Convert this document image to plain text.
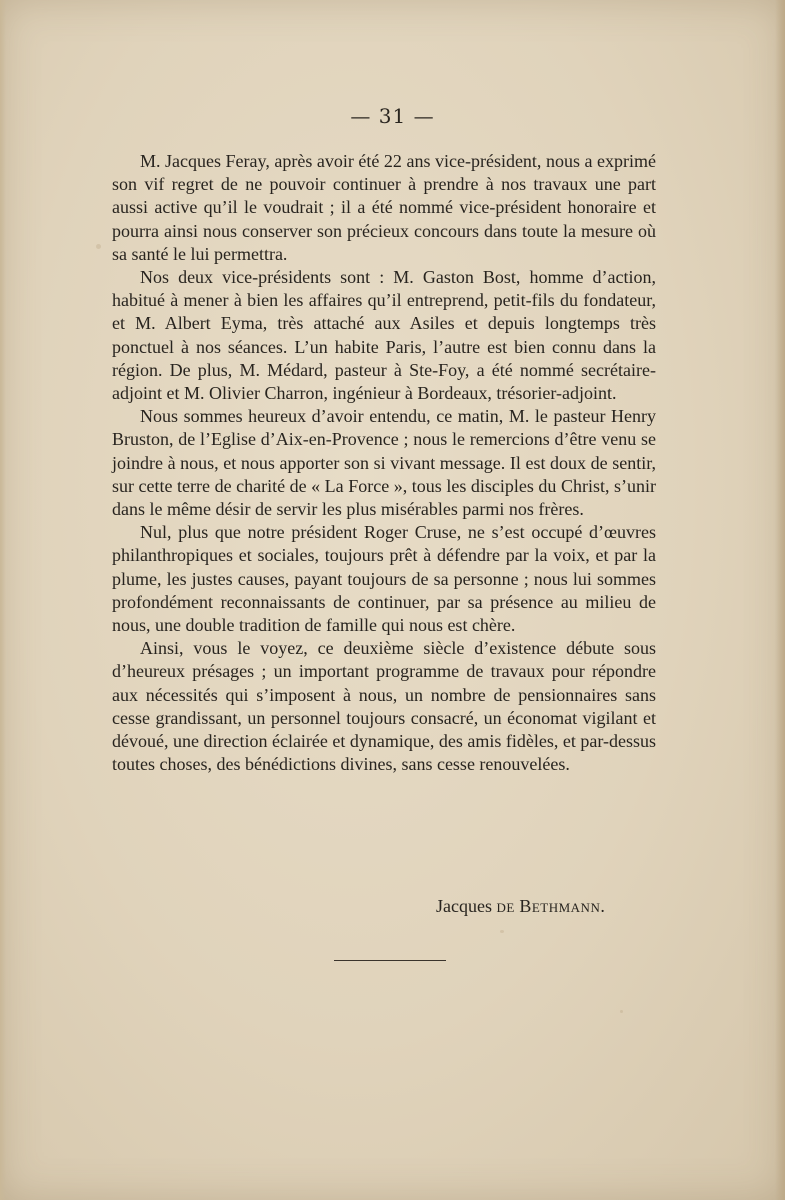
— 31 —

M. Jacques Feray, après avoir été 22 ans vice-président, nous a exprimé son vif regret de ne pouvoir continuer à prendre à nos travaux une part aussi active qu’il le voudrait ; il a été nommé vice-président honoraire et pourra ainsi nous conserver son précieux concours dans toute la mesure où sa santé le lui permettra.

Nos deux vice-présidents sont : M. Gaston Bost, homme d’action, habitué à mener à bien les affaires qu’il entreprend, petit-fils du fondateur, et M. Albert Eyma, très attaché aux Asiles et depuis longtemps très ponctuel à nos séances. L’un habite Paris, l’autre est bien connu dans la région. De plus, M. Médard, pasteur à Ste-Foy, a été nommé secrétaire-adjoint et M. Olivier Charron, ingénieur à Bordeaux, trésorier-adjoint.

Nous sommes heureux d’avoir entendu, ce matin, M. le pasteur Henry Bruston, de l’Eglise d’Aix-en-Provence ; nous le remercions d’être venu se joindre à nous, et nous apporter son si vivant message. Il est doux de sentir, sur cette terre de charité de « La Force », tous les disciples du Christ, s’unir dans le même désir de servir les plus misérables parmi nos frères.

Nul, plus que notre président Roger Cruse, ne s’est occupé d’œuvres philanthropiques et sociales, toujours prêt à défendre par la voix, et par la plume, les justes causes, payant toujours de sa personne ; nous lui sommes profondément reconnaissants de continuer, par sa présence au milieu de nous, une double tradition de famille qui nous est chère.

Ainsi, vous le voyez, ce deuxième siècle d’existence débute sous d’heureux présages ; un important programme de travaux pour répondre aux nécessités qui s’imposent à nous, un nombre de pensionnaires sans cesse grandissant, un personnel toujours consacré, un économat vigilant et dévoué, une direction éclairée et dynamique, des amis fidèles, et par-dessus toutes choses, des bénédictions divines, sans cesse renouvelées.

Jacques de Bethmann.
